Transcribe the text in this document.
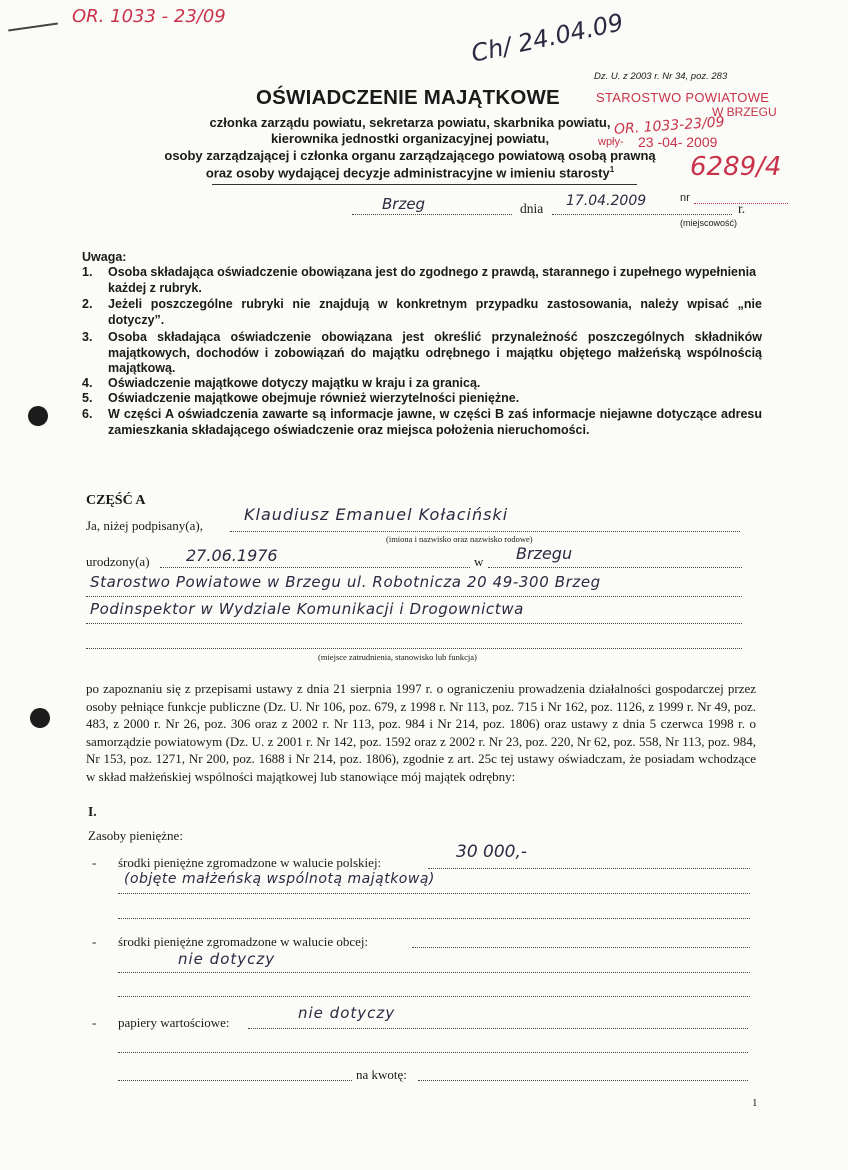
OR. 1033 - 23/09	Ch/ 24.04.09
Dz. U. z 2003 r. Nr 34, poz. 283
STAROSTWO POWIATOWE
W BRZEGU
OR. 1033-23/09
wpły- 23 -04- 2009
6289/4
nr
OŚWIADCZENIE MAJĄTKOWE
członka zarządu powiatu, sekretarza powiatu, skarbnika powiatu,
kierownika jednostki organizacyjnej powiatu,
osoby zarządzającej i członka organu zarządzającego powiatową osobą prawną
oraz osoby wydającej decyzje administracyjne w imieniu starosty$^1$
Brzeg	dnia 17.04.2009	r.
(miejscowość)
Uwaga:
1. Osoba składająca oświadczenie obowiązana jest do zgodnego z prawdą, starannego i zupełnego wypełnienia każdej z rubryk.
2. Jeżeli poszczególne rubryki nie znajdują w konkretnym przypadku zastosowania, należy wpisać „nie dotyczy”.
3. Osoba składająca oświadczenie obowiązana jest określić przynależność poszczególnych składników majątkowych, dochodów i zobowiązań do majątku odrębnego i majątku objętego małżeńską wspólnością majątkową.
4. Oświadczenie majątkowe dotyczy majątku w kraju i za granicą.
5. Oświadczenie majątkowe obejmuje również wierzytelności pieniężne.
6. W części A oświadczenia zawarte są informacje jawne, w części B zaś informacje niejawne dotyczące adresu zamieszkania składającego oświadczenie oraz miejsca położenia nieruchomości.
CZĘŚĆ A
Ja, niżej podpisany(a),
Klaudiusz Emanuel Kołaciński
(imiona i nazwisko oraz nazwisko rodowe)
urodzony(a) 27.06.1976	w Brzegu
Starostwo Powiatowe w Brzegu ul. Robotnicza 20 49-300 Brzeg
Podinspektor w Wydziale Komunikacji i Drogownictwa
(miejsce zatrudnienia, stanowisko lub funkcja)
po zapoznaniu się z przepisami ustawy z dnia 21 sierpnia 1997 r. o ograniczeniu prowadzenia działalności gospodarczej przez osoby pełniące funkcje publiczne (Dz. U. Nr 106, poz. 679, z 1998 r. Nr 113, poz. 715 i Nr 162, poz. 1126, z 1999 r. Nr 49, poz. 483, z 2000 r. Nr 26, poz. 306 oraz z 2002 r. Nr 113, poz. 984 i Nr 214, poz. 1806) oraz ustawy z dnia 5 czerwca 1998 r. o samorządzie powiatowym (Dz. U. z 2001 r. Nr 142, poz. 1592 oraz z 2002 r. Nr 23, poz. 220, Nr 62, poz. 558, Nr 113, poz. 984, Nr 153, poz. 1271, Nr 200, poz. 1688 i Nr 214, poz. 1806), zgodnie z art. 25c tej ustawy oświadczam, że posiadam wchodzące w skład małżeńskiej wspólności majątkowej lub stanowiące mój majątek odrębny:
I.
Zasoby pieniężne:
- środki pieniężne zgromadzone w walucie polskiej:
30 000,-
(objęte małżeńską wspólnotą majątkową)
- środki pieniężne zgromadzone w walucie obcej:
nie dotyczy
- papiery wartościowe:
nie dotyczy
na kwotę:
1
